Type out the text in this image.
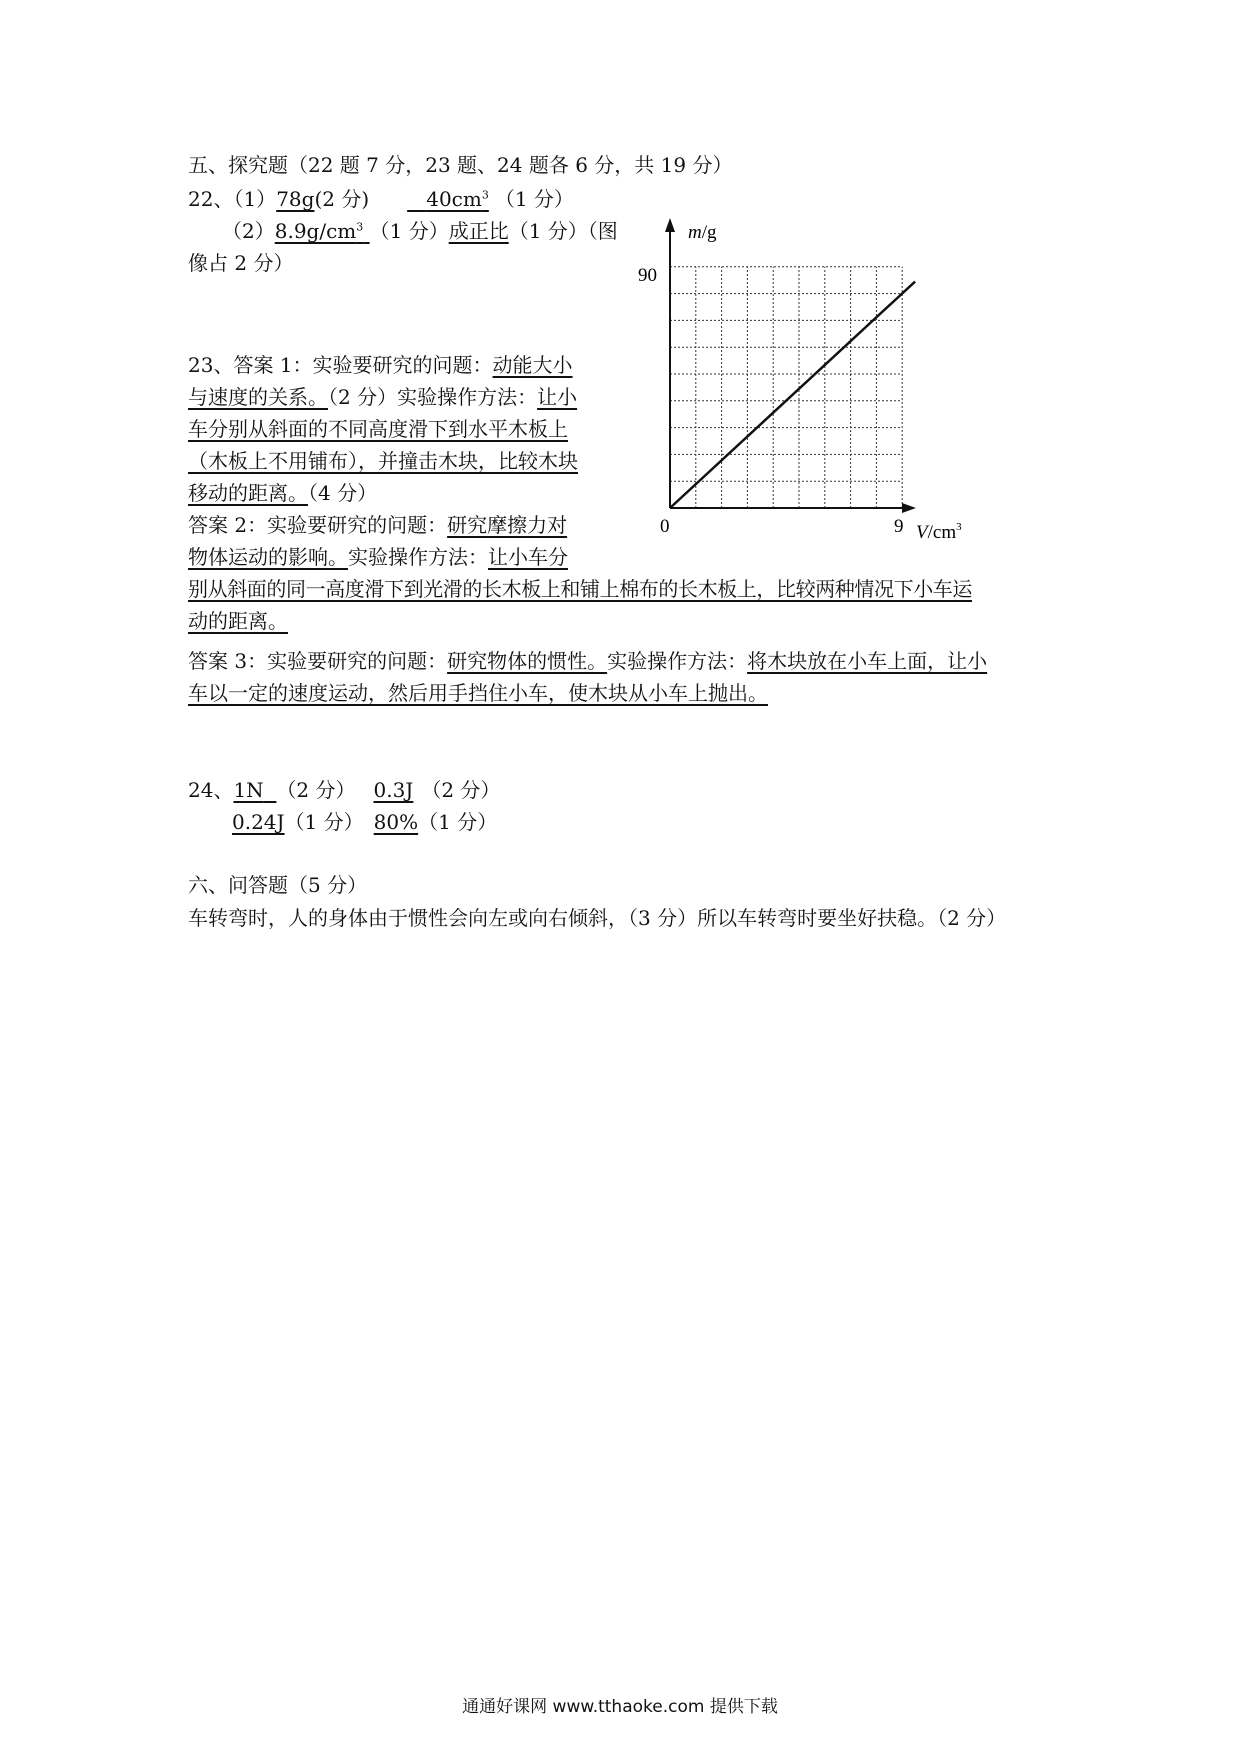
五、探究题（22 题 7 分，23 题、24 题各 6 分，共 19 分）
22、（1）78g(2 分)	$40cm^3$ （1 分）
$(2)8.9g/cm^3$ （1 分）成正比（1 分）（图
像占 2 分）
23、答案 1：实验要研究的问题：动能大小
与速度的关系。（2 分）实验操作方法：让小
车分别从斜面的不同高度滑下到水平木板上
（木板上不用铺布），并撞击木块，比较木块
移动的距离。（4 分）
答案 2：实验要研究的问题：研究摩擦力对
物体运动的影响。实验操作方法：让小车分
别从斜面的同一高度滑下到光滑的长木板上和铺上棉布的长木板上，比较两种情况下小车运
动的距离。
答案 3：实验要研究的问题：研究物体的惯性。实验操作方法：将木块放在小车上面，让小
车以一定的速度运动，然后用手挡住小车，使木块从小车上抛出。
24、1N （2 分） 0.3J （2 分）
0.24J（1 分） 80%（1 分）
六、问答题（5 分）
车转弯时，人的身体由于惯性会向左或向右倾斜，（3 分）所以车转弯时要坐好扶稳。（2 分）
m/g
90
0	9 $V/cm^3$
通通好课网 www.tthaoke.com 提供下载
